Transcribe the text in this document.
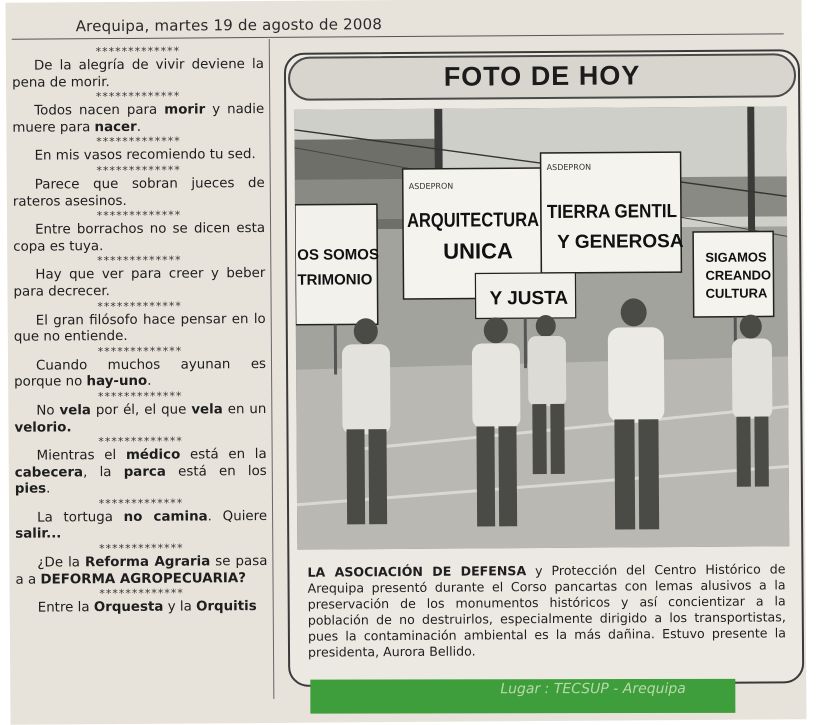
Arequipa, martes 19 de agosto de 2008
*************

De la alegría de vivir deviene la pena de morir.

*************

Todos nacen para morir y nadie muere para nacer.

*************

En mis vasos recomiendo tu sed.

*************

Parece que sobran jueces de rateros asesinos.

*************

Entre borrachos no se dicen esta copa es tuya.

*************

Hay que ver para creer y beber para decrecer.

*************

El gran filósofo hace pensar en lo que no entiende.

*************

Cuando muchos ayunan es porque no hay-uno.

*************

No vela por él, el que vela en un velorio.

*************

Mientras el médico está en la cabecera, la parca está en los pies.

*************

La tortuga no camina. Quiere salir...

*************

¿De la Reforma Agraria se pasa a a DEFORMA AGROPECUARIA?

*************

Entre la Orquesta y la Orquitis

FOTO DE HOY
OS SOMOS
TRIMONIO
ASDEPRON
ARQUITECTURA
UNICA
ASDEPRON
TIERRA GENTIL
Y GENEROSA
Y JUSTA
SIGAMOS
CREANDO
CULTURA
LA ASOCIACIÓN DE DEFENSA y Protección del Centro Histórico de Arequipa presentó durante el Corso pancartas con lemas alusivos a la preservación de los monumentos históricos y así concientizar a la población de no destruirlos, especialmente dirigido a los transportistas, pues la contaminación ambiental es la más dañina. Estuvo presente la presidenta, Aurora Bellido.
Lugar : TECSUP - Arequipa
